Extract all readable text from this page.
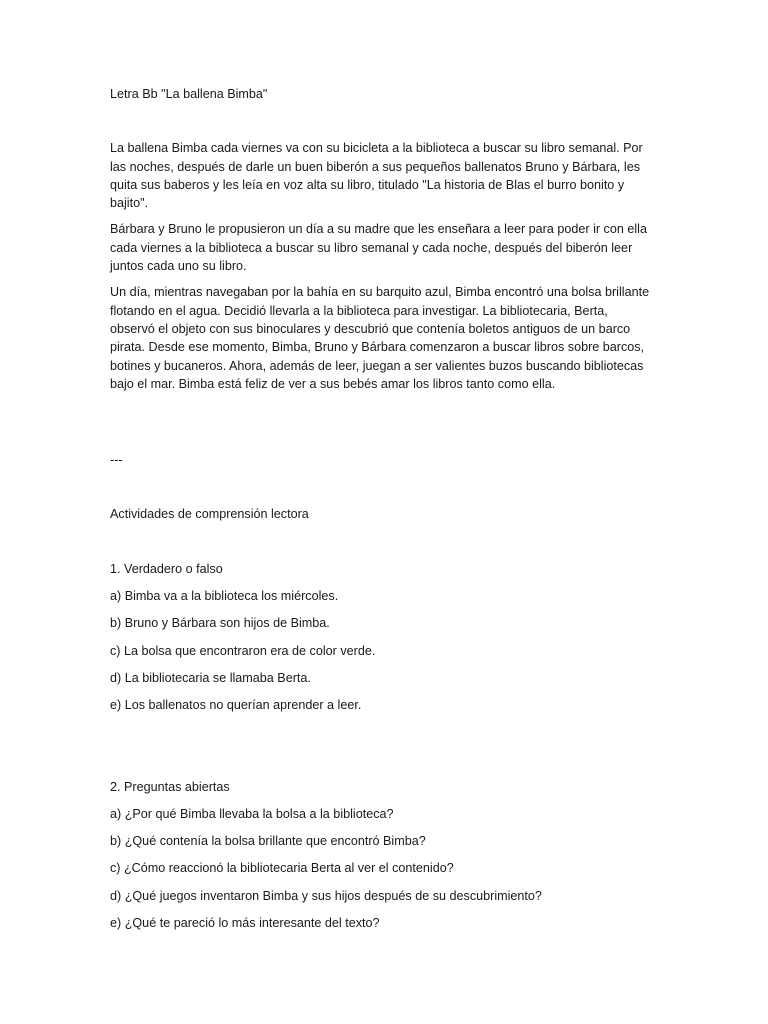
Letra Bb "La ballena Bimba"

La ballena Bimba cada viernes va con su bicicleta a la biblioteca a buscar su libro semanal. Por las noches, después de darle un buen biberón a sus pequeños ballenatos Bruno y Bárbara, les quita sus baberos y les leía en voz alta su libro, titulado "La historia de Blas el burro bonito y bajito".

Bárbara y Bruno le propusieron un día a su madre que les enseñara a leer para poder ir con ella cada viernes a la biblioteca a buscar su libro semanal y cada noche, después del biberón leer juntos cada uno su libro.

Un día, mientras navegaban por la bahía en su barquito azul, Bimba encontró una bolsa brillante flotando en el agua. Decidió llevarla a la biblioteca para investigar. La bibliotecaria, Berta, observó el objeto con sus binoculares y descubrió que contenía boletos antiguos de un barco pirata. Desde ese momento, Bimba, Bruno y Bárbara comenzaron a buscar libros sobre barcos, botines y bucaneros. Ahora, además de leer, juegan a ser valientes buzos buscando bibliotecas bajo el mar. Bimba está feliz de ver a sus bebés amar los libros tanto como ella.

---

Actividades de comprensión lectora

1. Verdadero o falso

a) Bimba va a la biblioteca los miércoles.

b) Bruno y Bárbara son hijos de Bimba.

c) La bolsa que encontraron era de color verde.

d) La bibliotecaria se llamaba Berta.

e) Los ballenatos no querían aprender a leer.

2. Preguntas abiertas

a) ¿Por qué Bimba llevaba la bolsa a la biblioteca?

b) ¿Qué contenía la bolsa brillante que encontró Bimba?

c) ¿Cómo reaccionó la bibliotecaria Berta al ver el contenido?

d) ¿Qué juegos inventaron Bimba y sus hijos después de su descubrimiento?

e) ¿Qué te pareció lo más interesante del texto?
